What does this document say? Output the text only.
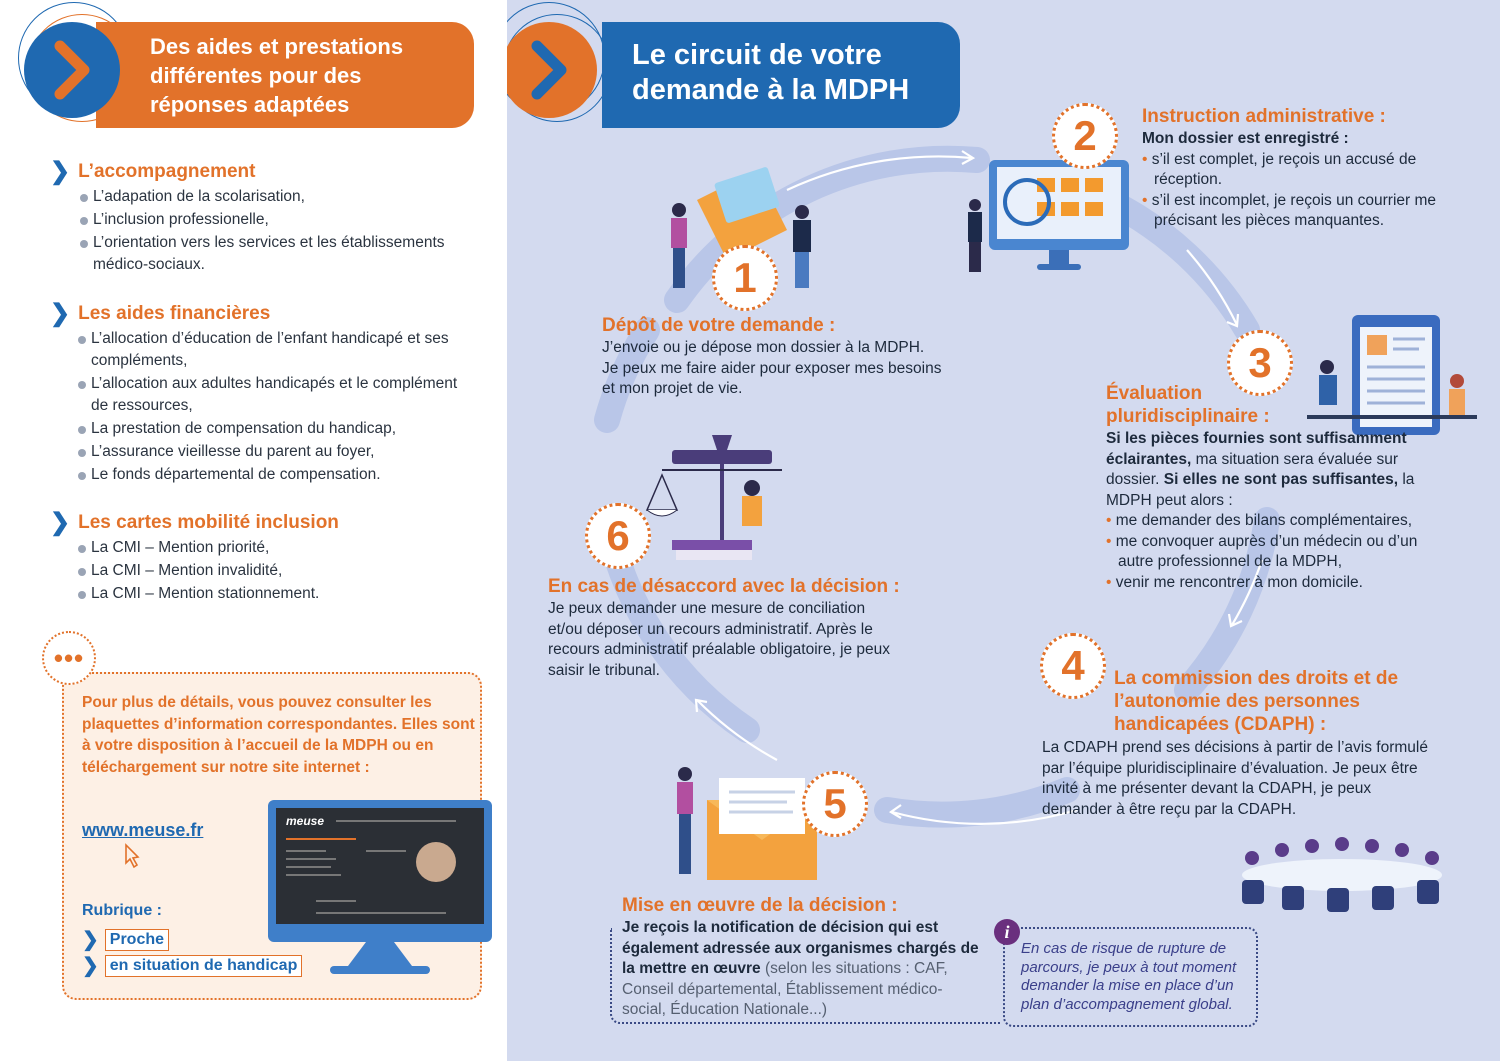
Des aides et prestations différentes pour des réponses adaptées
❯ L’accompagnement
L’adapation de la scolarisation,
L’inclusion professionelle,
L’orientation vers les services et les établissements médico-sociaux.
❯ Les aides financières
L’allocation d’éducation de l’enfant handicapé et ses compléments,
L’allocation aux adultes handicapés et le complément de ressources,
La prestation de compensation du handicap,
L’assurance vieillesse du parent au foyer,
Le fonds départemental de compensation.
❯ Les cartes mobilité inclusion
La CMI – Mention priorité,
La CMI – Mention invalidité,
La CMI – Mention stationnement.
•••
Pour plus de détails, vous pouvez consulter les plaquettes d’information correspondantes. Elles sont à votre disposition à l’accueil de la MDPH ou en téléchargement sur notre site internet :
www.meuse.fr
Rubrique :
❯ Proche
❯ en situation de handicap
meuse
Le circuit de votre demande à la MDPH
1
2
3
4
5
6
Dépôt de votre demande :
J’envoie ou je dépose mon dossier à la MDPH. Je peux me faire aider pour exposer mes besoins et mon projet de vie.
Instruction administrative :
Mon dossier est enregistré :
• s’il est complet, je reçois un accusé de réception.
• s’il est incomplet, je reçois un courrier me précisant les pièces manquantes.
Évaluation
pluridisciplinaire :
Si les pièces fournies sont suffisamment éclairantes, ma situation sera évaluée sur dossier. Si elles ne sont pas suffisantes, la MDPH peut alors :
• me demander des bilans complémentaires,
• me convoquer auprès d’un médecin ou d’un autre professionnel de la MDPH,
• venir me rencontrer à mon domicile.
La commission des droits et de l’autonomie des personnes handicapées (CDAPH) :
La CDAPH prend ses décisions à partir de l’avis formulé par l’équipe pluridisciplinaire d’évaluation. Je peux être invité à me présenter devant la CDAPH, je peux demander à être reçu par la CDAPH.
Mise en œuvre de la décision :
Je reçois la notification de décision qui est également adressée aux organismes chargés de la mettre en œuvre (selon les situations : CAF, Conseil départemental, Établissement médico-social, Éducation Nationale...)
En cas de désaccord avec la décision :
Je peux demander une mesure de conciliation et/ou déposer un recours administratif. Après le recours administratif préalable obligatoire, je peux saisir le tribunal.
i
En cas de risque de rupture de parcours, je peux à tout moment demander la mise en place d’un plan d’accompagnement global.
